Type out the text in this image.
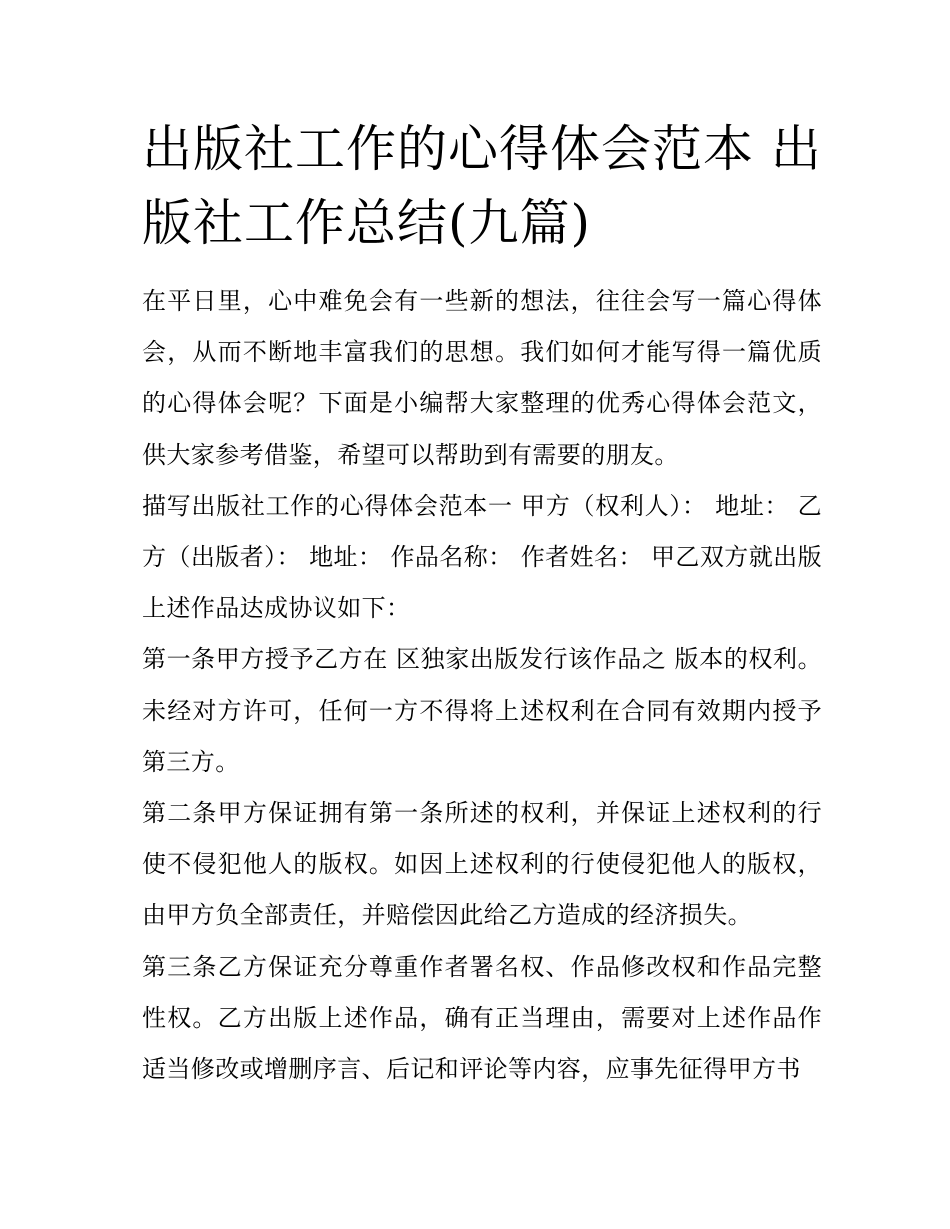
出版社工作的心得体会范本 出版社工作总结(九篇)

在平日里，心中难免会有一些新的想法，往往会写一篇心得体会，从而不断地丰富我们的思想。我们如何才能写得一篇优质的心得体会呢？下面是小编帮大家整理的优秀心得体会范文，供大家参考借鉴，希望可以帮助到有需要的朋友。

描写出版社工作的心得体会范本一 甲方（权利人）： 地址： 乙方（出版者）： 地址： 作品名称： 作者姓名： 甲乙双方就出版上述作品达成协议如下：

第一条甲方授予乙方在 区独家出版发行该作品之 版本的权利。未经对方许可，任何一方不得将上述权利在合同有效期内授予第三方。

第二条甲方保证拥有第一条所述的权利，并保证上述权利的行使不侵犯他人的版权。如因上述权利的行使侵犯他人的版权，由甲方负全部责任，并赔偿因此给乙方造成的经济损失。

第三条乙方保证充分尊重作者署名权、作品修改权和作品完整性权。乙方出版上述作品，确有正当理由，需要对上述作品作适当修改或增删序言、后记和评论等内容，应事先征得甲方书
